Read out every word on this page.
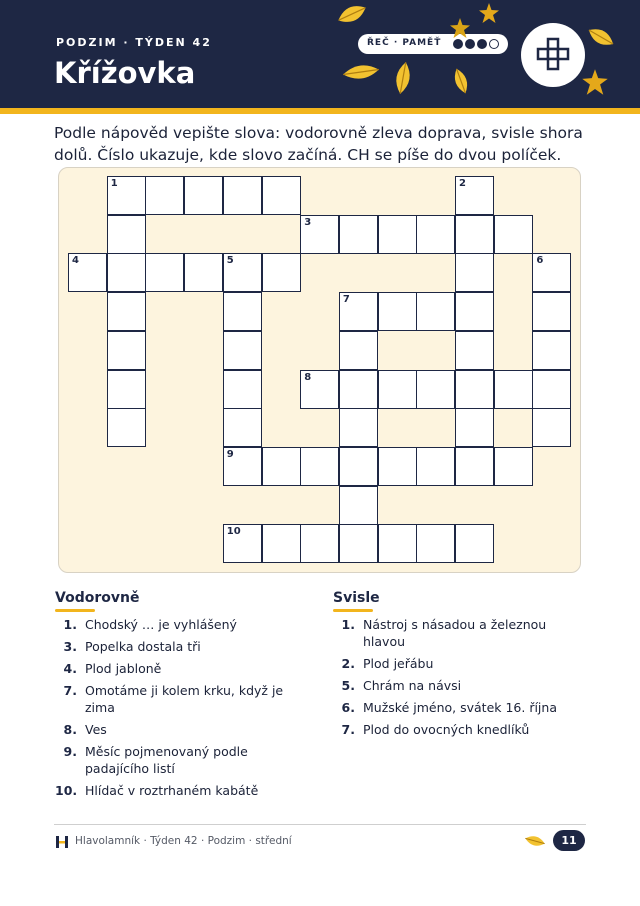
PODZIM · TÝDEN 42
Křížovka
ŘEČ · PAMĚŤ
Podle nápověd vepište slova: vodorovně zleva doprava, svisle shora dolů. Číslo ukazuje, kde slovo začíná. CH se píše do dvou políček.
1	2
3
4	5	6
7
8
9
10
Vodorovně
1. Chodský … je vyhlášený
3. Popelka dostala tři
4. Plod jabloně
7. Omotáme ji kolem krku, když je zima
8. Ves
9. Měsíc pojmenovaný podle padajícího listí
10. Hlídač v roztrhaném kabátě
Svisle
1. Nástroj s násadou a železnou hlavou
2. Plod jeřábu
5. Chrám na návsi
6. Mužské jméno, svátek 16. října
7. Plod do ovocných knedlíků
Hlavolamník · Týden 42 · Podzim · střední	11
